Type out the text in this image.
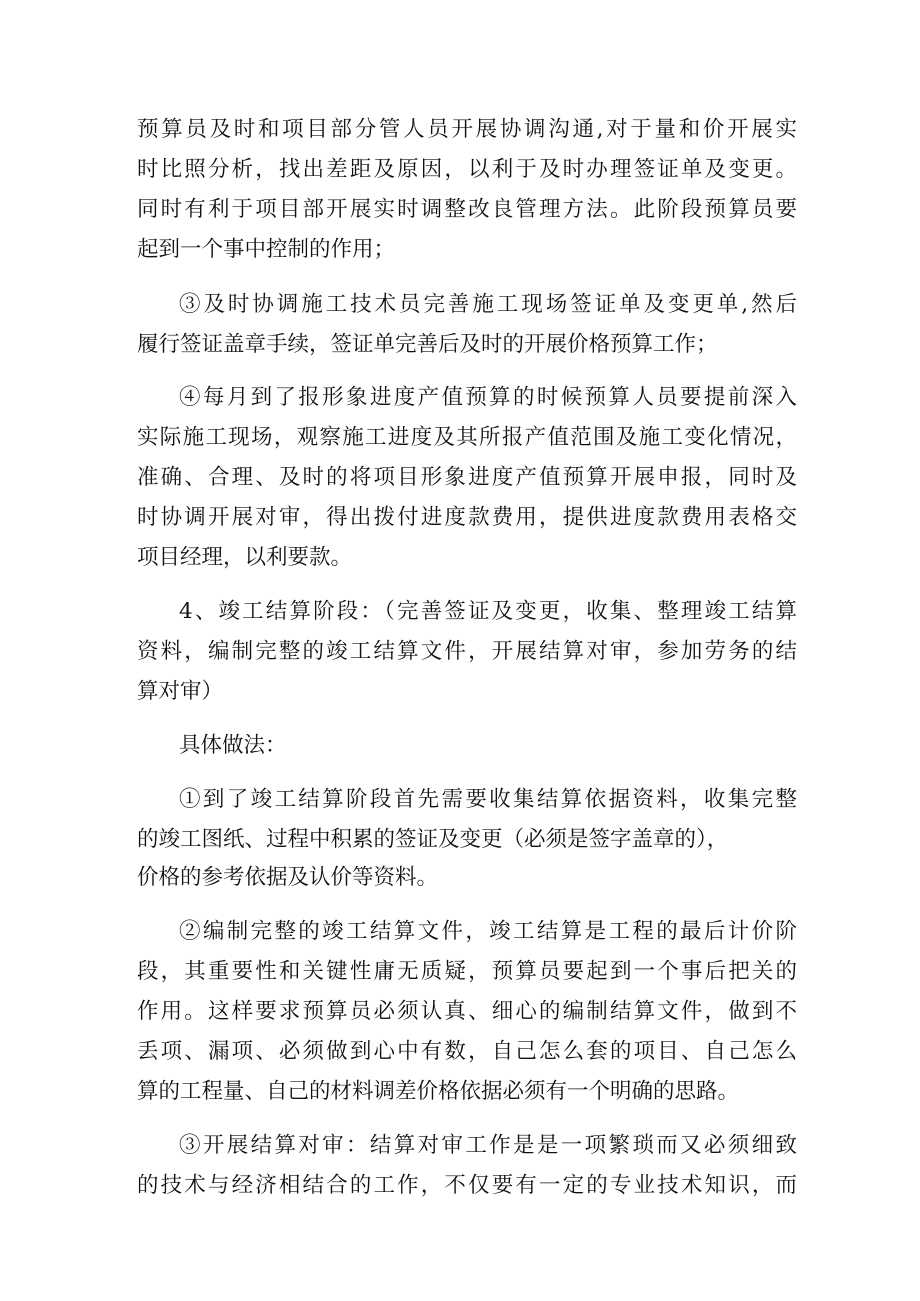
预算员及时和项目部分管人员开展协调沟通,对于量和价开展实
时比照分析，找出差距及原因，以利于及时办理签证单及变更。
同时有利于项目部开展实时调整改良管理方法。此阶段预算员要
起到一个事中控制的作用；
③及时协调施工技术员完善施工现场签证单及变更单,然后
履行签证盖章手续，签证单完善后及时的开展价格预算工作；
④每月到了报形象进度产值预算的时候预算人员要提前深入
实际施工现场，观察施工进度及其所报产值范围及施工变化情况，
准确、合理、及时的将项目形象进度产值预算开展申报，同时及
时协调开展对审，得出拨付进度款费用，提供进度款费用表格交
项目经理，以利要款。
4、竣工结算阶段：（完善签证及变更，收集、整理竣工结算
资料，编制完整的竣工结算文件，开展结算对审，参加劳务的结
算对审）
具体做法：
①到了竣工结算阶段首先需要收集结算依据资料，收集完整
的竣工图纸、过程中积累的签证及变更（必须是签字盖章的），
价格的参考依据及认价等资料。
②编制完整的竣工结算文件，竣工结算是工程的最后计价阶
段，其重要性和关键性庸无质疑，预算员要起到一个事后把关的
作用。这样要求预算员必须认真、细心的编制结算文件，做到不
丢项、漏项、必须做到心中有数，自己怎么套的项目、自己怎么
算的工程量、自己的材料调差价格依据必须有一个明确的思路。
③开展结算对审：结算对审工作是是一项繁琐而又必须细致
的技术与经济相结合的工作，不仅要有一定的专业技术知识，而
